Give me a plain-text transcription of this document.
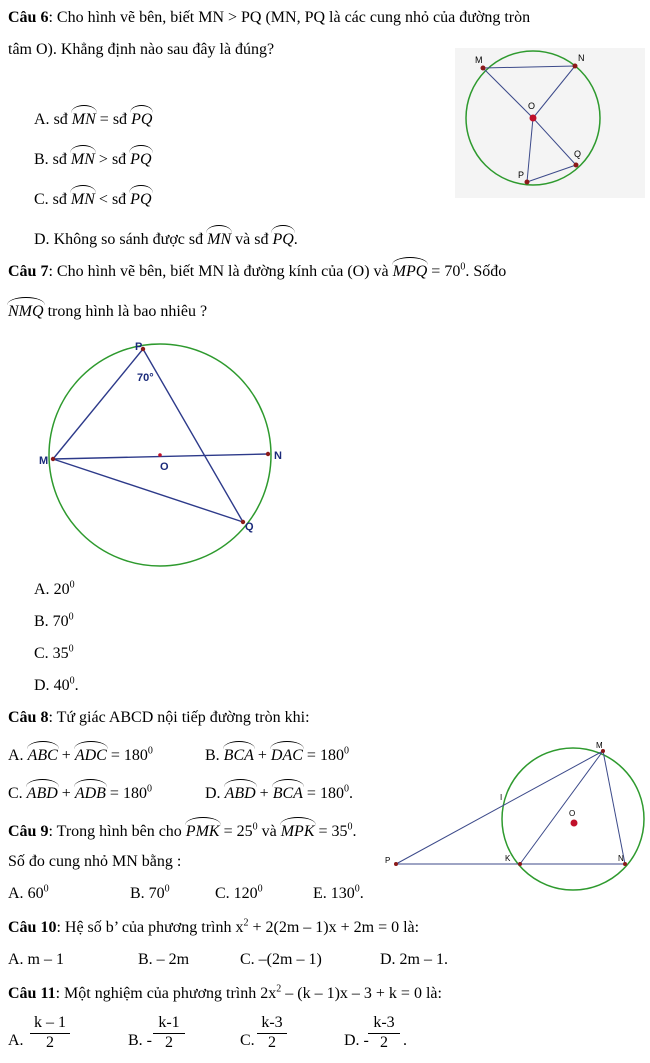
Câu 6: Cho hình vẽ bên, biết MN > PQ (MN, PQ là các cung nhỏ của đường tròn
tâm O). Khẳng định nào sau đây là đúng?
A. sđ MN = sđ PQ
B. sđ MN > sđ PQ
C. sđ MN < sđ PQ
D. Không so sánh được sđ MN và sđ PQ.
M	N
O
P
Q
Câu 7: Cho hình vẽ bên, biết MN là đường kính của (O) và MPQ = $70^0$. Sốđo
NMQ trong hình là bao nhiêu ?
P
M	N
O
Q
70°
A. $20^0$
B. $70^0$
C. $35^0$
D. $40^0$.
Câu 8: Tứ giác ABCD nội tiếp đường tròn khi:
A. ABC + ADC = $180^0$	B. BCA + DAC = $180^0$
C. ABD + ADB = $180^0$	D. ABD + BCA = $180^0$.
Câu 9: Trong hình bên cho PMK = $25^0$ và MPK = $35^0$.
Số đo cung nhỏ MN bằng :
A. $60^0$	B. $70^0$	C. $120^0$	E. $130^0$.
M
I
O
P	K	N
Câu 10: Hệ số b’ của phương trình $x^2 + 2(2m - 1)x + 2m = 0$ là:
A. m – 1	B. – 2m	C. –(2m – 1)	D. 2m – 1.
Câu 11: Một nghiệm của phương trình $2x^2 - (k - 1)x - 3 + k = 0$ là:
A.
k – 1
2	B. -
k-1
2	C.
k-3
2	D. -
k-3
2 .
